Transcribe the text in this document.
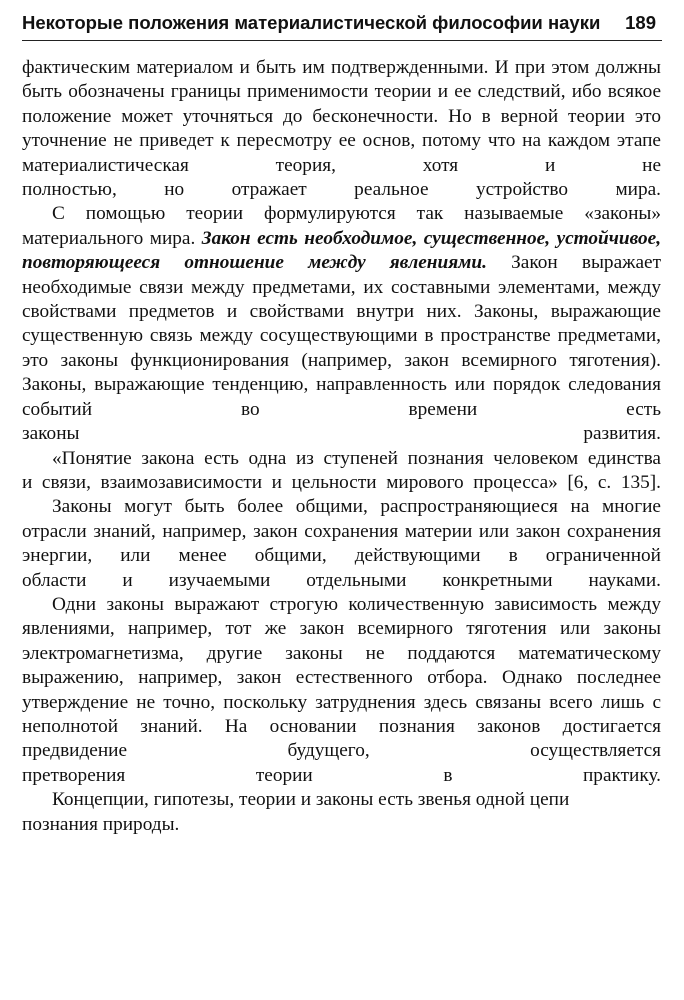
Некоторые положения материалистической философии науки 189

фактическим материалом и быть им подтвержденными. И при этом должны быть обозначены границы применимости теории и ее следствий, ибо всякое положение может уточняться до бесконечности. Но в верной теории это уточнение не приведет к пересмотру ее основ, потому что на каждом этапе материалистическая теория, хотя и не
полностью, но отражает реальное устройство мира.

С помощью теории формулируются так называемые «законы» материального мира. Закон есть необходимое, существенное, устойчивое, повторяющееся отношение между явлениями. Закон выражает необходимые связи между предметами, их составными элементами, между свойствами предметов и свойствами внутри них. Законы, выражающие существенную связь между сосуществующими в пространстве предметами, это законы функционирования (например, закон всемирного тяготения). Законы, выражающие тенденцию, направленность или порядок следования событий во времени есть
законы развития.

«Понятие закона есть одна из ступеней познания человеком единства
и связи, взаимозависимости и цельности мирового процесса» [6, с. 135].

Законы могут быть более общими, распространяющиеся на многие отрасли знаний, например, закон сохранения материи или закон сохранения энергии, или менее общими, действующими в ограниченной
области и изучаемыми отдельными конкретными науками.

Одни законы выражают строгую количественную зависимость между явлениями, например, тот же закон всемирного тяготения или законы электромагнетизма, другие законы не поддаются математическому выражению, например, закон естественного отбора. Однако последнее утверждение не точно, поскольку затруднения здесь связаны всего лишь с неполнотой знаний. На основании познания законов достигается предвидение будущего, осуществляется
претворения теории в практику.

Концепции, гипотезы, теории и законы есть звенья одной цепи
познания природы.
